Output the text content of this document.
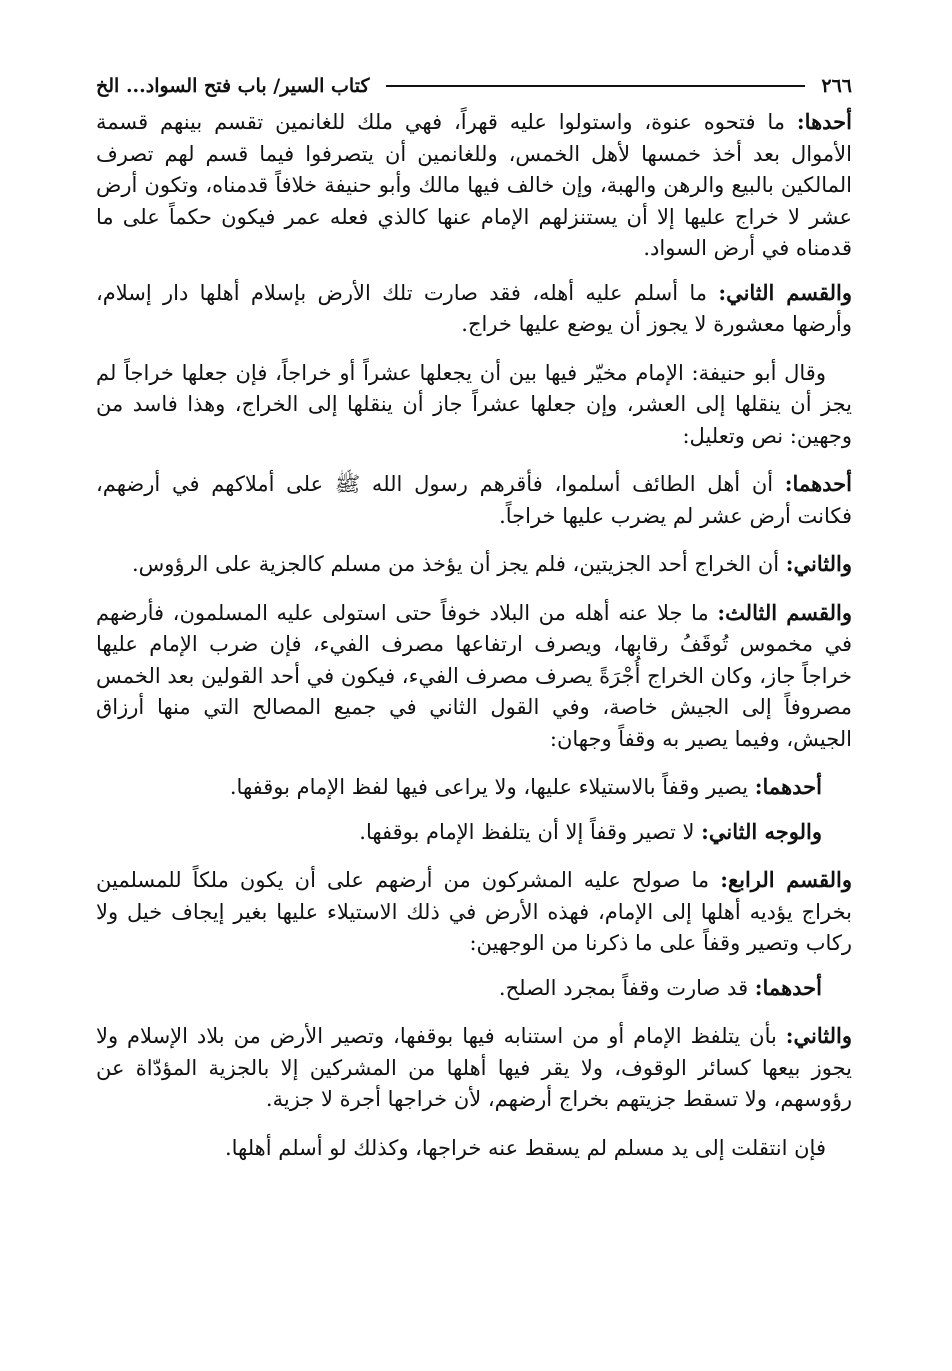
٢٦٦
كتاب السير/ باب فتح السواد... الخ

أحدها: ما فتحوه عنوة، واستولوا عليه قهراً، فهي ملك للغانمين تقسم بينهم قسمة الأموال بعد أخذ خمسها لأهل الخمس، وللغانمين أن يتصرفوا فيما قسم لهم تصرف المالكين بالبيع والرهن والهبة، وإن خالف فيها مالك وأبو حنيفة خلافاً قدمناه، وتكون أرض عشر لا خراج عليها إلا أن يستنزلهم الإمام عنها كالذي فعله عمر فيكون حكماً على ما قدمناه في أرض السواد.

والقسم الثاني: ما أسلم عليه أهله، فقد صارت تلك الأرض بإسلام أهلها دار إسلام، وأرضها معشورة لا يجوز أن يوضع عليها خراج.

وقال أبو حنيفة: الإمام مخيّر فيها بين أن يجعلها عشراً أو خراجاً، فإن جعلها خراجاً لم يجز أن ينقلها إلى العشر، وإن جعلها عشراً جاز أن ينقلها إلى الخراج، وهذا فاسد من وجهين: نص وتعليل:

أحدهما: أن أهل الطائف أسلموا، فأقرهم رسول الله ﷺ على أملاكهم في أرضهم، فكانت أرض عشر لم يضرب عليها خراجاً.

والثاني: أن الخراج أحد الجزيتين، فلم يجز أن يؤخذ من مسلم كالجزية على الرؤوس.

والقسم الثالث: ما جلا عنه أهله من البلاد خوفاً حتى استولى عليه المسلمون، فأرضهم في مخموس تُوقَفُ رقابها، ويصرف ارتفاعها مصرف الفيء، فإن ضرب الإمام عليها خراجاً جاز، وكان الخراج أُجْرَةً يصرف مصرف الفيء، فيكون في أحد القولين بعد الخمس مصروفاً إلى الجيش خاصة، وفي القول الثاني في جميع المصالح التي منها أرزاق الجيش، وفيما يصير به وقفاً وجهان:

أحدهما: يصير وقفاً بالاستيلاء عليها، ولا يراعى فيها لفظ الإمام بوقفها.

والوجه الثاني: لا تصير وقفاً إلا أن يتلفظ الإمام بوقفها.

والقسم الرابع: ما صولح عليه المشركون من أرضهم على أن يكون ملكاً للمسلمين بخراج يؤديه أهلها إلى الإمام، فهذه الأرض في ذلك الاستيلاء عليها بغير إيجاف خيل ولا ركاب وتصير وقفاً على ما ذكرنا من الوجهين:

أحدهما: قد صارت وقفاً بمجرد الصلح.

والثاني: بأن يتلفظ الإمام أو من استنابه فيها بوقفها، وتصير الأرض من بلاد الإسلام ولا يجوز بيعها كسائر الوقوف، ولا يقر فيها أهلها من المشركين إلا بالجزية المؤدّاة عن رؤوسهم، ولا تسقط جزيتهم بخراج أرضهم، لأن خراجها أجرة لا جزية.

فإن انتقلت إلى يد مسلم لم يسقط عنه خراجها، وكذلك لو أسلم أهلها.
